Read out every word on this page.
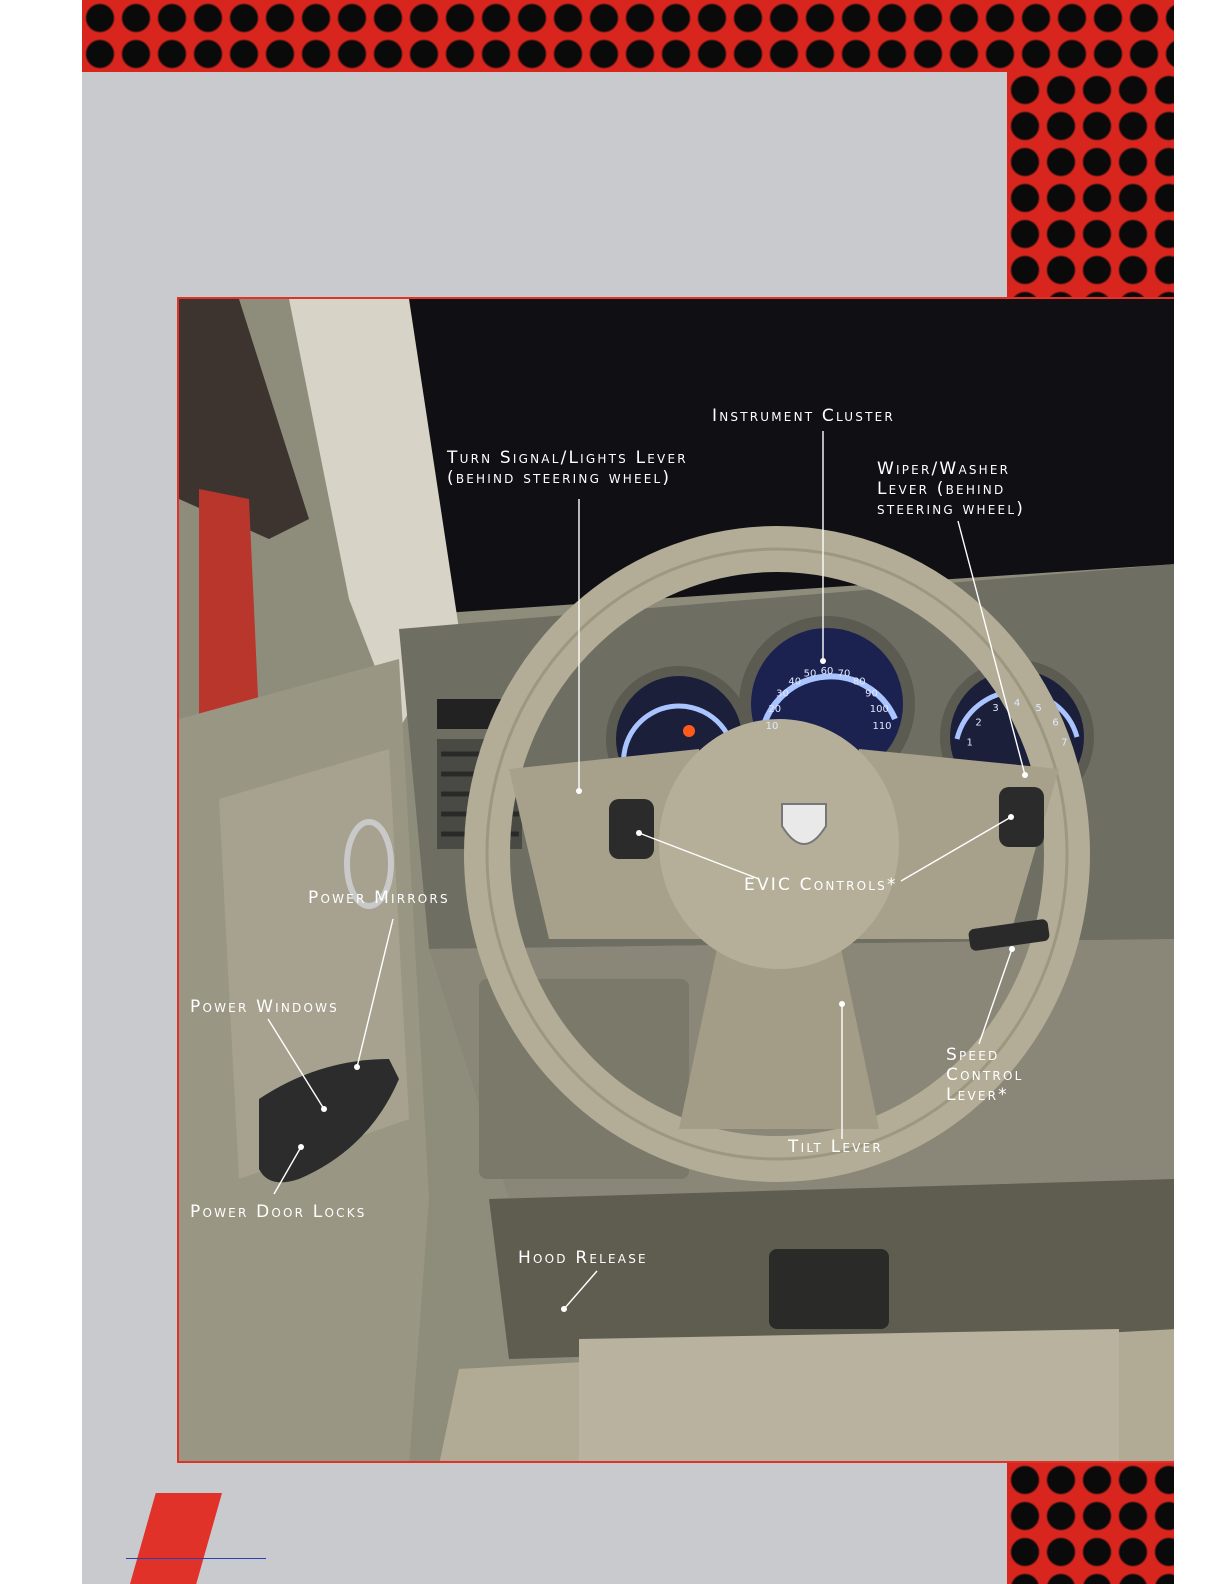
10
20
30
40
50 60 70
80
90
100
110
1
2
3 4 5
6
7
Instrument Cluster
Turn Signal/Lights Lever
(behind steering wheel)	Wiper/Washer
Lever (behind
steering wheel)
EVIC Controls*
Power Mirrors
Power Windows
Speed
Control
Lever*
Tilt Lever
Power Door Locks
Hood Release
